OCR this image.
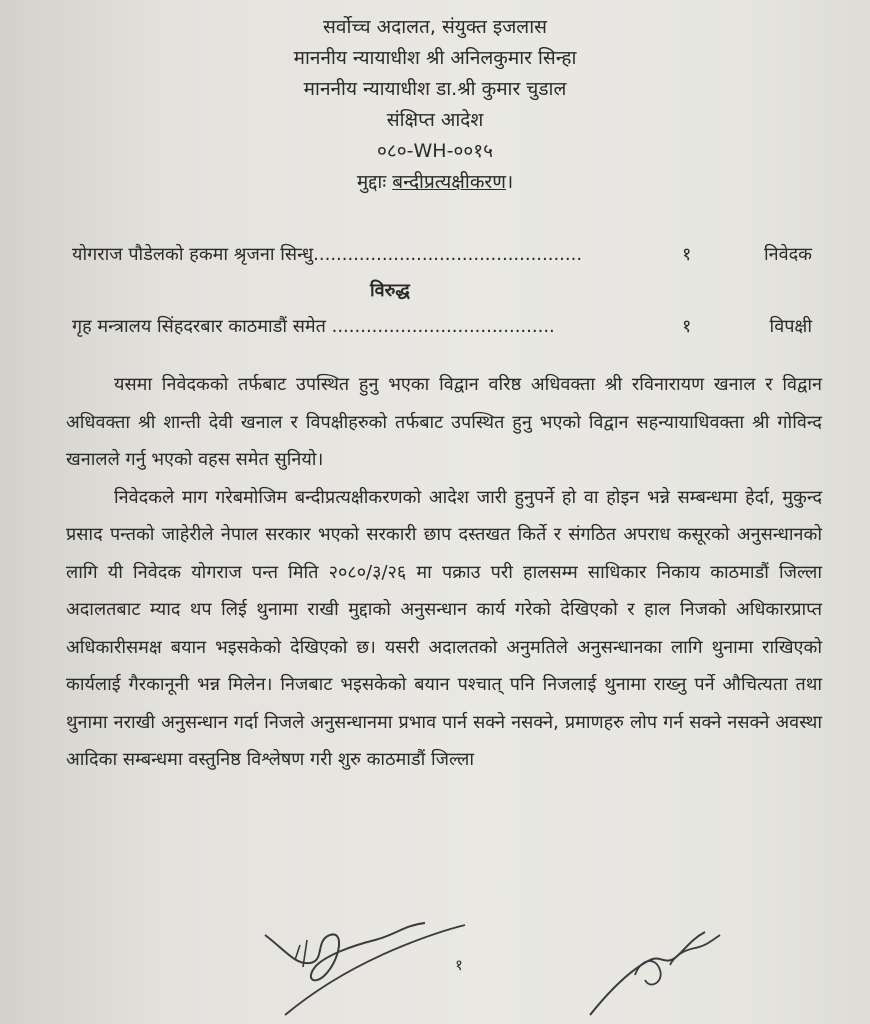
सर्वोच्च अदालत, संयुक्त इजलास
माननीय न्यायाधीश श्री अनिलकुमार सिन्हा
माननीय न्यायाधीश डा.श्री कुमार चुडाल
संक्षिप्त आदेश
०८०-WH-००१५
मुद्दाः बन्दीप्रत्यक्षीकरण।
योगराज पौडेलको हकमा श्रृजना सिन्धु...............................................	१	निवेदक
विरुद्ध
गृह मन्त्रालय सिंहदरबार काठमाडौं समेत .......................................	१	विपक्षी

यसमा निवेदकको तर्फबाट उपस्थित हुनु भएका विद्वान वरिष्ठ अधिवक्ता श्री रविनारायण खनाल र विद्वान अधिवक्ता श्री शान्ती देवी खनाल र विपक्षीहरुको तर्फबाट उपस्थित हुनु भएको विद्वान सहन्यायाधिवक्ता श्री गोविन्द खनालले गर्नु भएको वहस समेत सुनियो।

निवेदकले माग गरेबमोजिम बन्दीप्रत्यक्षीकरणको आदेश जारी हुनुपर्ने हो वा होइन भन्ने सम्बन्धमा हेर्दा, मुकुन्द प्रसाद पन्तको जाहेरीले नेपाल सरकार भएको सरकारी छाप दस्तखत किर्ते र संगठित अपराध कसूरको अनुसन्धानको लागि यी निवेदक योगराज पन्त मिति २०८०/३/२६ मा पक्राउ परी हालसम्म साधिकार निकाय काठमाडौं जिल्ला अदालतबाट म्याद थप लिई थुनामा राखी मुद्दाको अनुसन्धान कार्य गरेको देखिएको र हाल निजको अधिकारप्राप्त अधिकारीसमक्ष बयान भइसकेको देखिएको छ। यसरी अदालतको अनुमतिले अनुसन्धानका लागि थुनामा राखिएको कार्यलाई गैरकानूनी भन्न मिलेन। निजबाट भइसकेको बयान पश्चात् पनि निजलाई थुनामा राख्नु पर्ने औचित्यता तथा थुनामा नराखी अनुसन्धान गर्दा निजले अनुसन्धानमा प्रभाव पार्न सक्ने नसक्ने, प्रमाणहरु लोप गर्न सक्ने नसक्ने अवस्था आदिका सम्बन्धमा वस्तुनिष्ठ विश्लेषण गरी शुरु काठमाडौं जिल्ला

१
